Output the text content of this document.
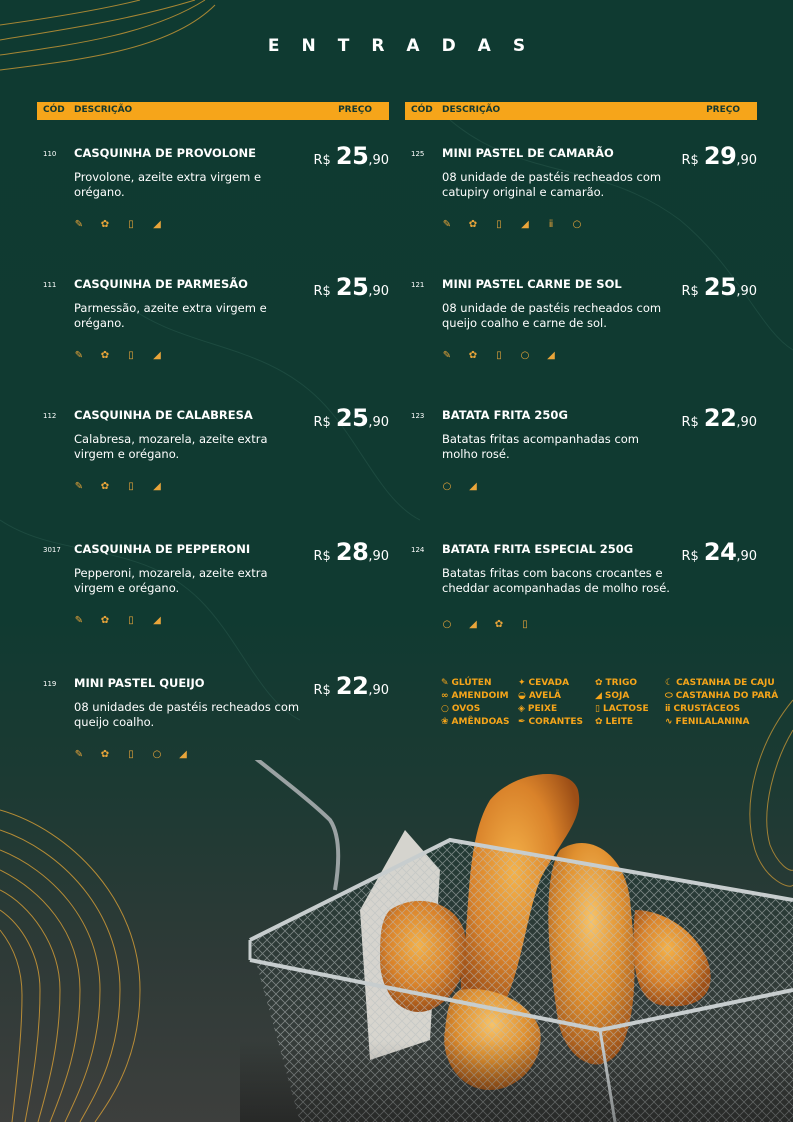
ENTRADAS
CÓD DESCRIÇÃO	PREÇO
110 CASQUINHA DE PROVOLONE
Provolone, azeite extra virgem e orégano.
R$ 25,90
✎ ✿ ▯ ◢
111 CASQUINHA DE PARMESÃO
Parmessão, azeite extra virgem e orégano.
R$ 25,90
✎ ✿ ▯ ◢
112 CASQUINHA DE CALABRESA
Calabresa, mozarela, azeite extra virgem e orégano.
R$ 25,90
✎ ✿ ▯ ◢
3017 CASQUINHA DE PEPPERONI
Pepperoni, mozarela, azeite extra virgem e orégano.
R$ 28,90
✎ ✿ ▯ ◢
119 MINI PASTEL QUEIJO
08 unidades de pastéis recheados com queijo coalho.
R$ 22,90
✎ ✿ ▯ ○ ◢
CÓD DESCRIÇÃO	PREÇO
125 MINI PASTEL DE CAMARÃO
08 unidade de pastéis recheados com catupiry original e camarão.
R$ 29,90
✎ ✿ ▯ ◢ ⅱ ○
121 MINI PASTEL CARNE DE SOL
08 unidade de pastéis recheados com queijo coalho e carne de sol.
R$ 25,90
✎ ✿ ▯ ○ ◢
123 BATATA FRITA 250G
Batatas fritas acompanhadas com molho rosé.
R$ 22,90
○ ◢
124 BATATA FRITA ESPECIAL 250G
Batatas fritas com bacons crocantes e cheddar acompanhadas de molho rosé.
R$ 24,90
○ ◢ ✿ ▯
✎ GLÚTEN	✦ CEVADA	✿ TRIGO	☾ CASTANHA DE CAJU
∞ AMENDOIM	◒ AVELÃ	◢ SOJA	⬭ CASTANHA DO PARÁ
○ OVOS	◈ PEIXE	▯ LACTOSE	ⅱ CRUSTÁCEOS
❀ AMÊNDOAS ✒ CORANTES	✿ LEITE	∿ FENILALANINA
